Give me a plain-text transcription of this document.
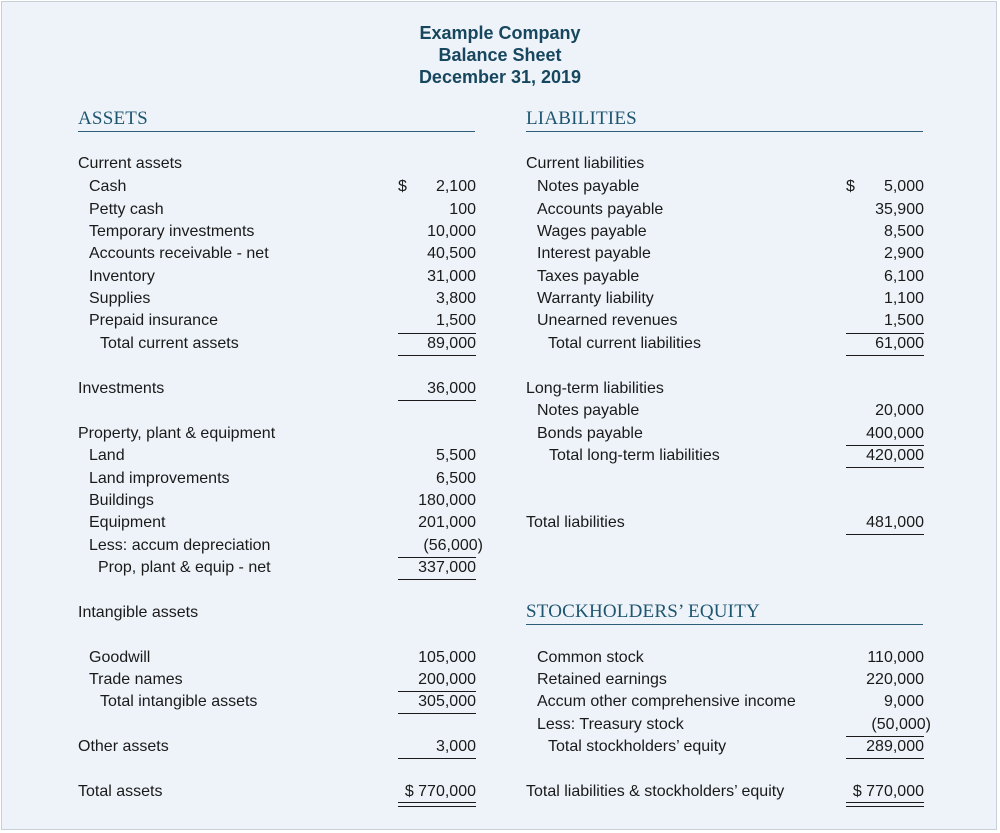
Example Company
Balance Sheet
December 31, 2019
ASSETS	LIABILITIES
STOCKHOLDERS’ EQUITY
Current assets
Cash	$	2,100
Petty cash	100
Temporary investments	10,000
Accounts receivable - net	40,500
Inventory	31,000
Supplies	3,800
Prepaid insurance	1,500
Total current assets	89,000
Investments	36,000
Property, plant & equipment
Land	5,500
Land improvements	6,500
Buildings	180,000
Equipment	201,000
Less: accum depreciation	(56,000)
Prop, plant & equip - net	337,000
Intangible assets
Goodwill	105,000
Trade names	200,000
Total intangible assets	305,000
Other assets	3,000
Total assets	$ 770,000
Current liabilities
Notes payable	$	5,000
Accounts payable	35,900
Wages payable	8,500
Interest payable	2,900
Taxes payable	6,100
Warranty liability	1,100
Unearned revenues	1,500
Total current liabilities	61,000
Long-term liabilities
Notes payable	20,000
Bonds payable	400,000
Total long-term liabilities	420,000
Total liabilities	481,000
Common stock	110,000
Retained earnings	220,000
Accum other comprehensive income	9,000
Less: Treasury stock	(50,000)
Total stockholders’ equity	289,000
Total liabilities & stockholders’ equity	$ 770,000
